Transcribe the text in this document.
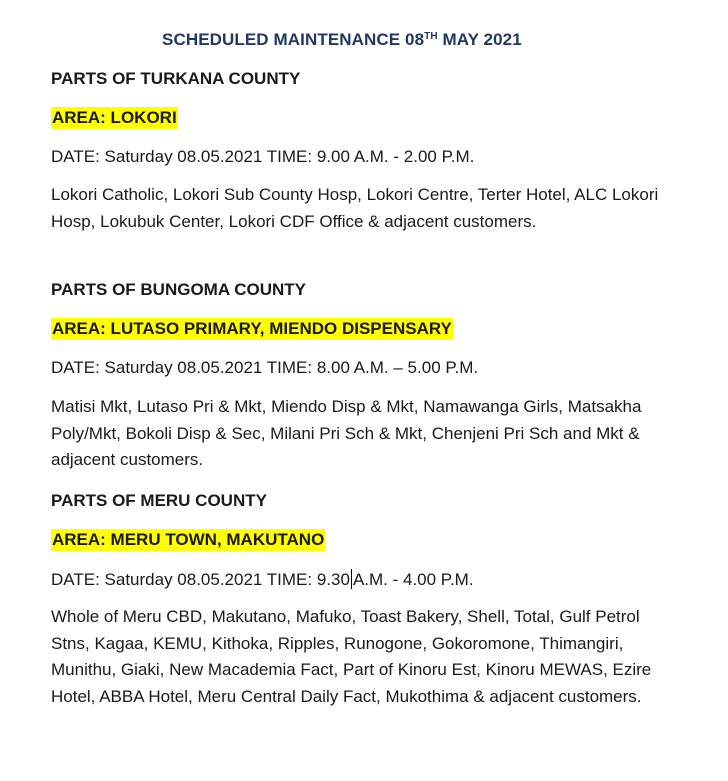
SCHEDULED MAINTENANCE 08TH MAY 2021
PARTS OF TURKANA COUNTY
AREA: LOKORI
DATE: Saturday 08.05.2021 TIME: 9.00 A.M. - 2.00 P.M.
Lokori Catholic, Lokori Sub County Hosp, Lokori Centre, Terter Hotel, ALC Lokori Hosp, Lokubuk Center, Lokori CDF Office & adjacent customers.
PARTS OF BUNGOMA COUNTY
AREA: LUTASO PRIMARY, MIENDO DISPENSARY
DATE: Saturday 08.05.2021 TIME: 8.00 A.M. – 5.00 P.M.
Matisi Mkt, Lutaso Pri & Mkt, Miendo Disp & Mkt, Namawanga Girls, Matsakha Poly/Mkt, Bokoli Disp & Sec, Milani Pri Sch & Mkt, Chenjeni Pri Sch and Mkt & adjacent customers.
PARTS OF MERU COUNTY
AREA: MERU TOWN, MAKUTANO
DATE: Saturday 08.05.2021 TIME: 9.30 A.M. - 4.00 P.M.
Whole of Meru CBD, Makutano, Mafuko, Toast Bakery, Shell, Total, Gulf Petrol Stns, Kagaa, KEMU, Kithoka, Ripples, Runogone, Gokoromone, Thimangiri, Munithu, Giaki, New Macademia Fact, Part of Kinoru Est, Kinoru MEWAS, Ezire Hotel, ABBA Hotel, Meru Central Daily Fact, Mukothima & adjacent customers.
